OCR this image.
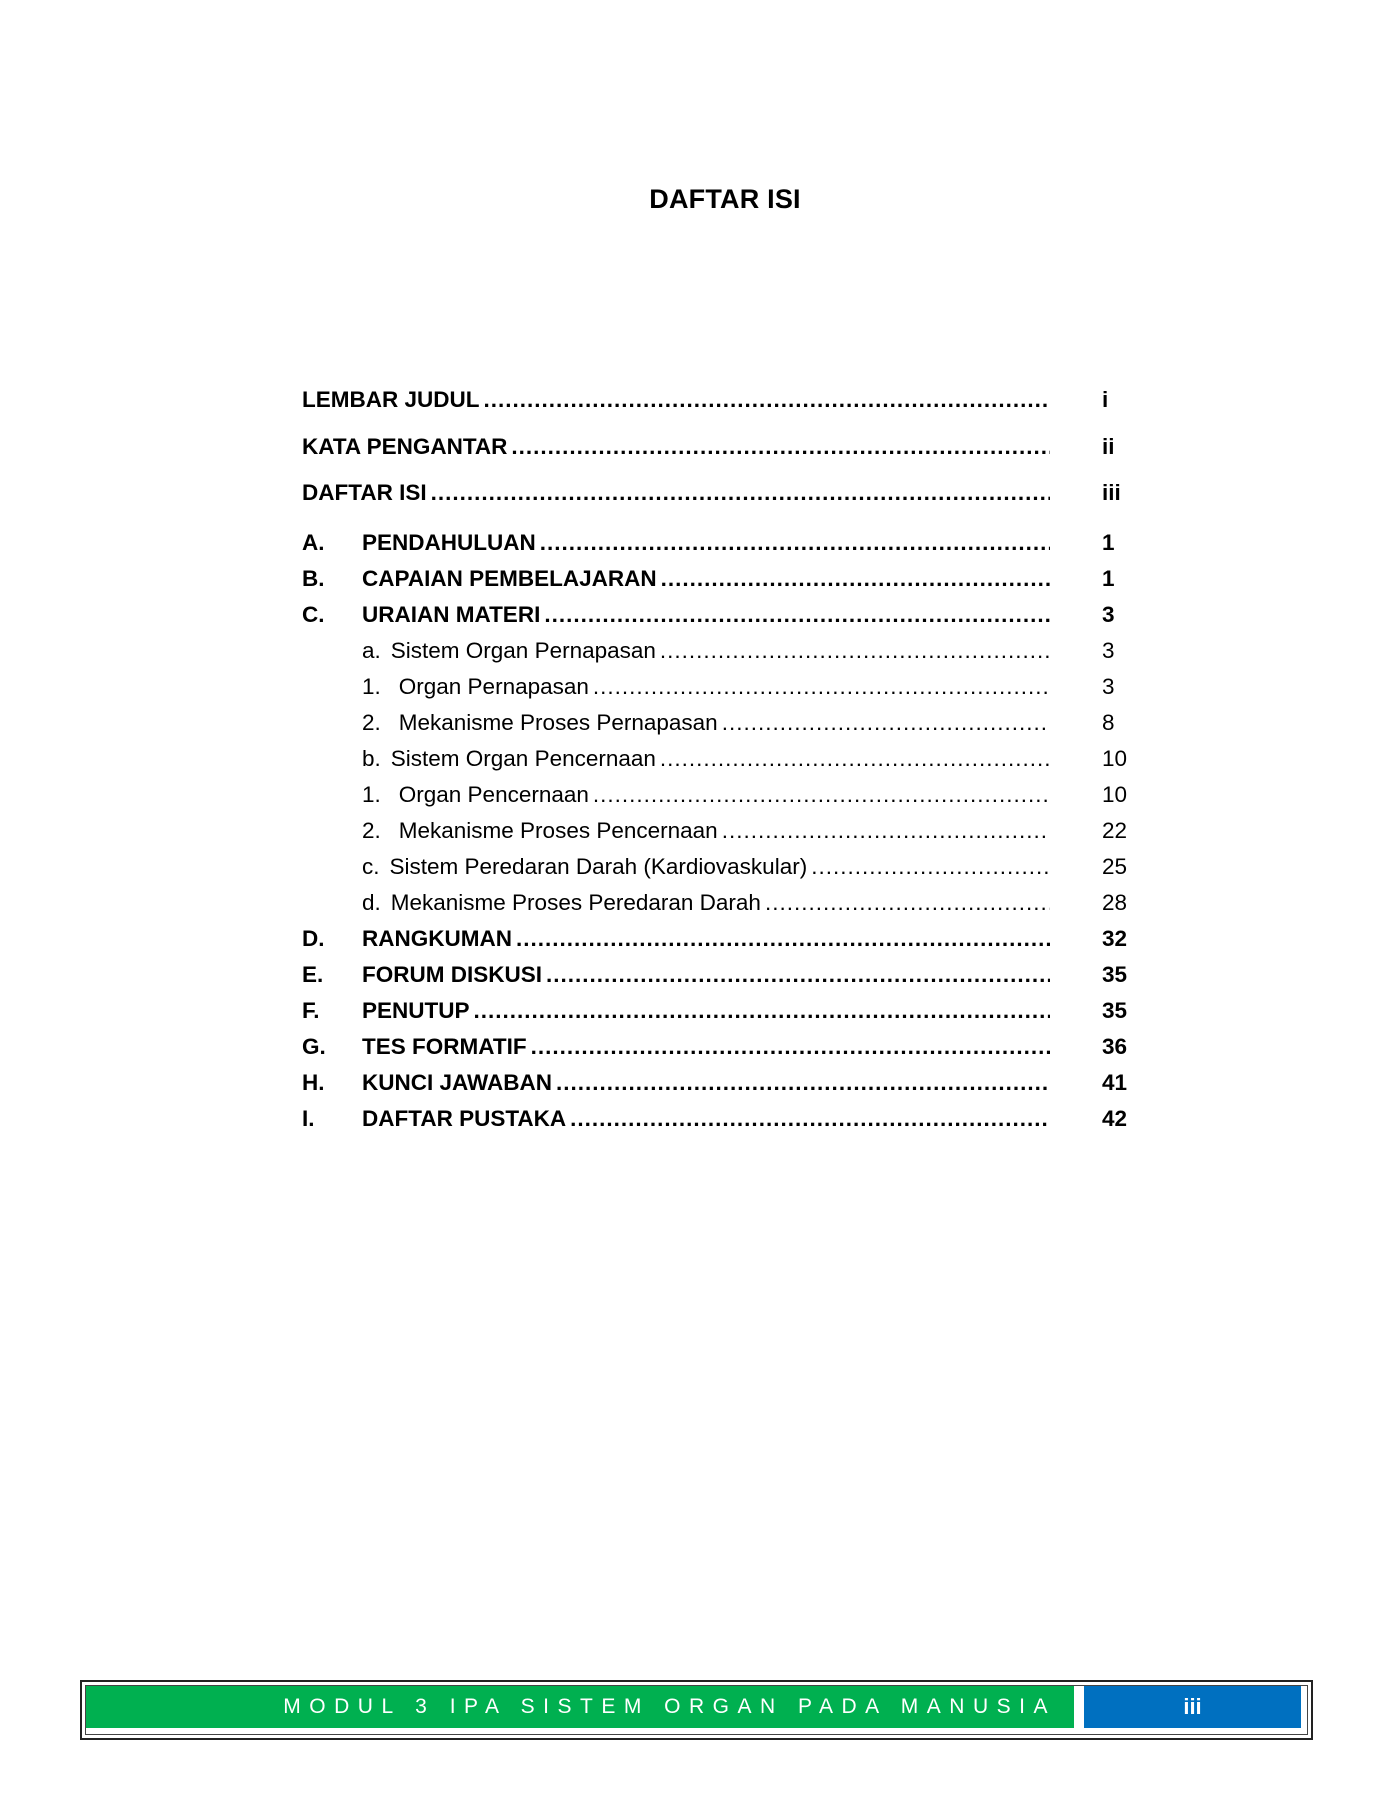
DAFTAR ISI
LEMBAR JUDUL .....	i
KATA PENGANTAR .....	ii
DAFTAR ISI .....	iii
A.	PENDAHULUAN .....	1
B.	CAPAIAN PEMBELAJARAN .....	1
C.	URAIAN MATERI .....	3
a. Sistem Organ Pernapasan .....	3
1. Organ Pernapasan .....	3
2. Mekanisme Proses Pernapasan .....	8
b. Sistem Organ Pencernaan .....	10
1. Organ Pencernaan .....	10
2. Mekanisme Proses Pencernaan .....	22
c. Sistem Peredaran Darah (Kardiovaskular) .....	25
d. Mekanisme Proses Peredaran Darah .....	28
D.	RANGKUMAN .....	32
E.	FORUM DISKUSI .....	35
F.	PENUTUP .....	35
G.	TES FORMATIF .....	36
H.	KUNCI JAWABAN .....	41
I.	DAFTAR PUSTAKA .....	42
MODUL 3 IPA SISTEM ORGAN PADA MANUSIA	iii
